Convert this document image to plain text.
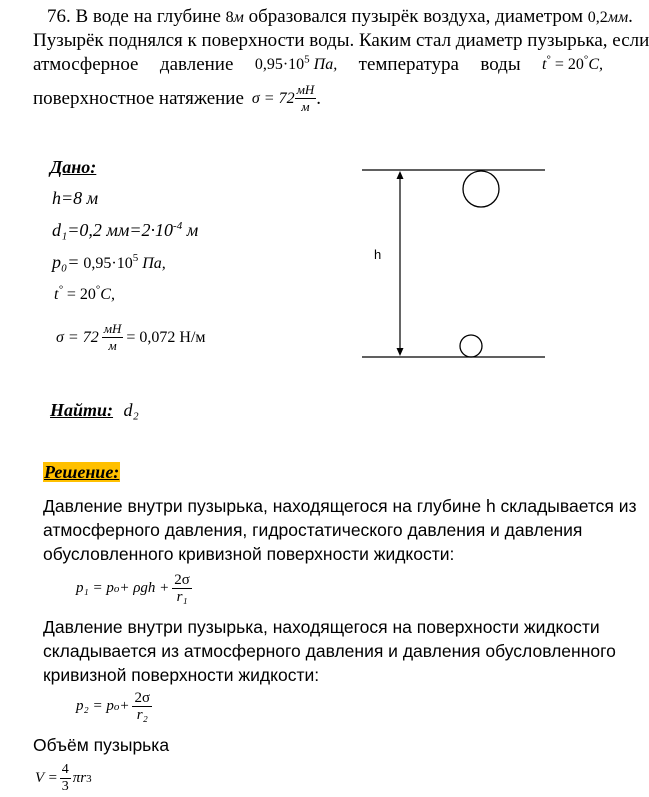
76. В воде на глубине 8м образовался пузырёк воздуха, диаметром 0,2мм.
Пузырёк поднялся к поверхности воды. Каким стал диаметр пузырька, если
атмосферное давление $0,95\cdot 10^5$ Па, температура воды t° = 20°C,
поверхностное натяжение $\sigma = 72 \frac{мН}{м}$ .
Дано:
h=8 м
d₁=0,2 $мм=2\cdot 10^{-4}$ м
$p_0= 0,95\cdot 10^5$ Па,
t° = 20°C,
$\sigma = 72 \frac{мН}{м} = 0,072$ Н/м
Найти: d₂
h
Решение:
Давление внутри пузырька, находящегося на глубине h складывается из
атмосферного давления, гидростатического давления и давления
обусловленного кривизной поверхности жидкости:
p₁ = p $o + \rho gh + \frac{2\sigma}{\text{r₁}}$
Давление внутри пузырька, находящегося на поверхности жидкости
складывается из атмосферного давления и давления обусловленного
кривизной поверхности жидкости:
p₂ = p $o + \frac{2\sigma}{\text{r₂}}$
Объём пузырька
$V = \frac{4}{3}$ πr 3
